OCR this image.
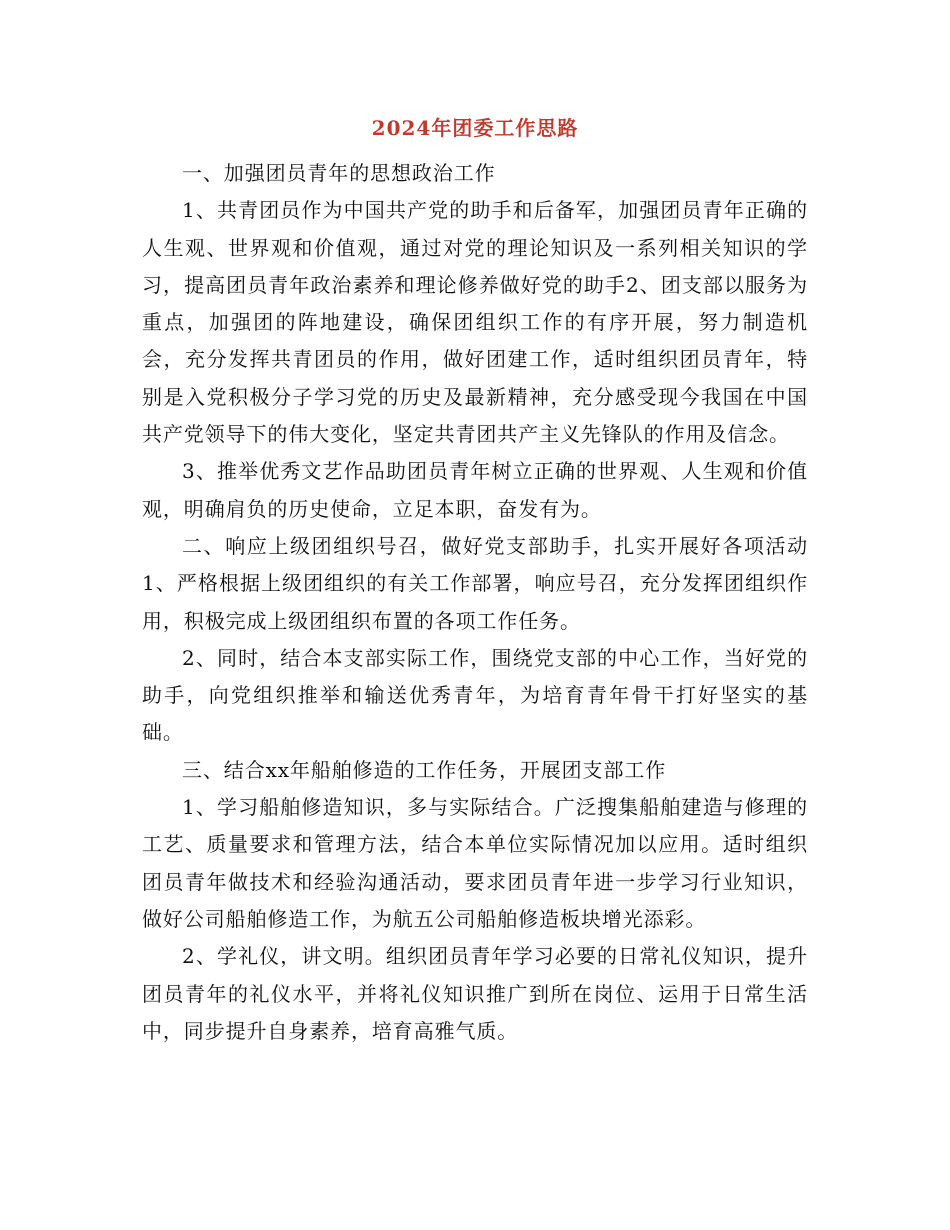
2024年团委工作思路

一、加强团员青年的思想政治工作

1、共青团员作为中国共产党的助手和后备军，加强团员青年正确的人生观、世界观和价值观，通过对党的理论知识及一系列相关知识的学习，提高团员青年政治素养和理论修养做好党的助手2、团支部以服务为重点，加强团的阵地建设，确保团组织工作的有序开展，努力制造机会，充分发挥共青团员的作用，做好团建工作，适时组织团员青年，特别是入党积极分子学习党的历史及最新精神，充分感受现今我国在中国共产党领导下的伟大变化，坚定共青团共产主义先锋队的作用及信念。

3、推举优秀文艺作品助团员青年树立正确的世界观、人生观和价值观，明确肩负的历史使命，立足本职，奋发有为。

二、响应上级团组织号召，做好党支部助手，扎实开展好各项活动1、严格根据上级团组织的有关工作部署，响应号召，充分发挥团组织作用，积极完成上级团组织布置的各项工作任务。

2、同时，结合本支部实际工作，围绕党支部的中心工作，当好党的助手，向党组织推举和输送优秀青年，为培育青年骨干打好坚实的基础。

三、结合xx年船舶修造的工作任务，开展团支部工作

1、学习船舶修造知识，多与实际结合。广泛搜集船舶建造与修理的工艺、质量要求和管理方法，结合本单位实际情况加以应用。适时组织团员青年做技术和经验沟通活动，要求团员青年进一步学习行业知识，做好公司船舶修造工作，为航五公司船舶修造板块增光添彩。

2、学礼仪，讲文明。组织团员青年学习必要的日常礼仪知识，提升团员青年的礼仪水平，并将礼仪知识推广到所在岗位、运用于日常生活中，同步提升自身素养，培育高雅气质。
